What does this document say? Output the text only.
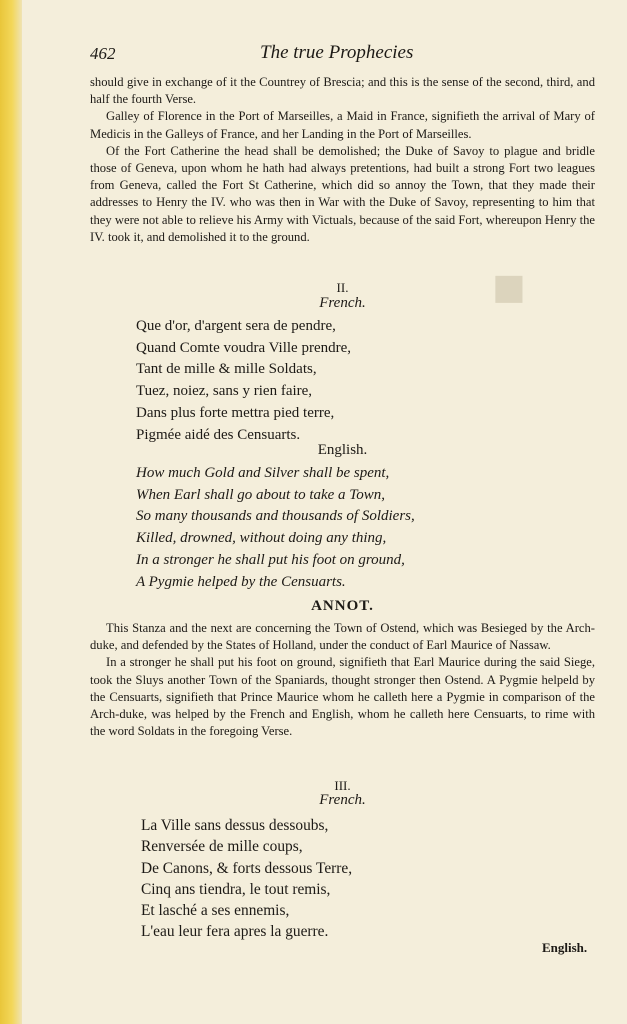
■
462	The true Prophecies

should give in exchange of it the Countrey of Brescia; and this is the sense of the second, third, and half the fourth Verse.

Galley of Florence in the Port of Marseilles, a Maid in France, signifieth the arrival of Mary of Medicis in the Galleys of France, and her Landing in the Port of Marseilles.

Of the Fort Catherine the head shall be demolished; the Duke of Savoy to plague and bridle those of Geneva, upon whom he hath had always pretentions, had built a strong Fort two leagues from Geneva, called the Fort St Catherine, which did so annoy the Town, that they made their addresses to Henry the IV. who was then in War with the Duke of Savoy, representing to him that they were not able to relieve his Army with Victuals, because of the said Fort, whereupon Henry the IV. took it, and demolished it to the ground.

II.
French.
Que d'or, d'argent sera de pendre,
Quand Comte voudra Ville prendre,
Tant de mille & mille Soldats,
Tuez, noiez, sans y rien faire,
Dans plus forte mettra pied terre,
Pigmée aidé des Censuarts.
English.
How much Gold and Silver shall be spent,
When Earl shall go about to take a Town,
So many thousands and thousands of Soldiers,
Killed, drowned, without doing any thing,
In a stronger he shall put his foot on ground,
A Pygmie helped by the Censuarts.
ANNOT.

This Stanza and the next are concerning the Town of Ostend, which was Besieged by the Arch-duke, and defended by the States of Holland, under the conduct of Earl Maurice of Nassaw.

In a stronger he shall put his foot on ground, signifieth that Earl Maurice during the said Siege, took the Sluys another Town of the Spaniards, thought stronger then Ostend. A Pygmie helpeld by the Censuarts, signifieth that Prince Maurice whom he calleth here a Pygmie in comparison of the Arch-duke, was helped by the French and English, whom he calleth here Censuarts, to rime with the word Soldats in the foregoing Verse.

III.
French.
La Ville sans dessus dessoubs,
Renversée de mille coups,
De Canons, & forts dessous Terre,
Cinq ans tiendra, le tout remis,
Et lasché a ses ennemis,
L'eau leur fera apres la guerre.
English.
